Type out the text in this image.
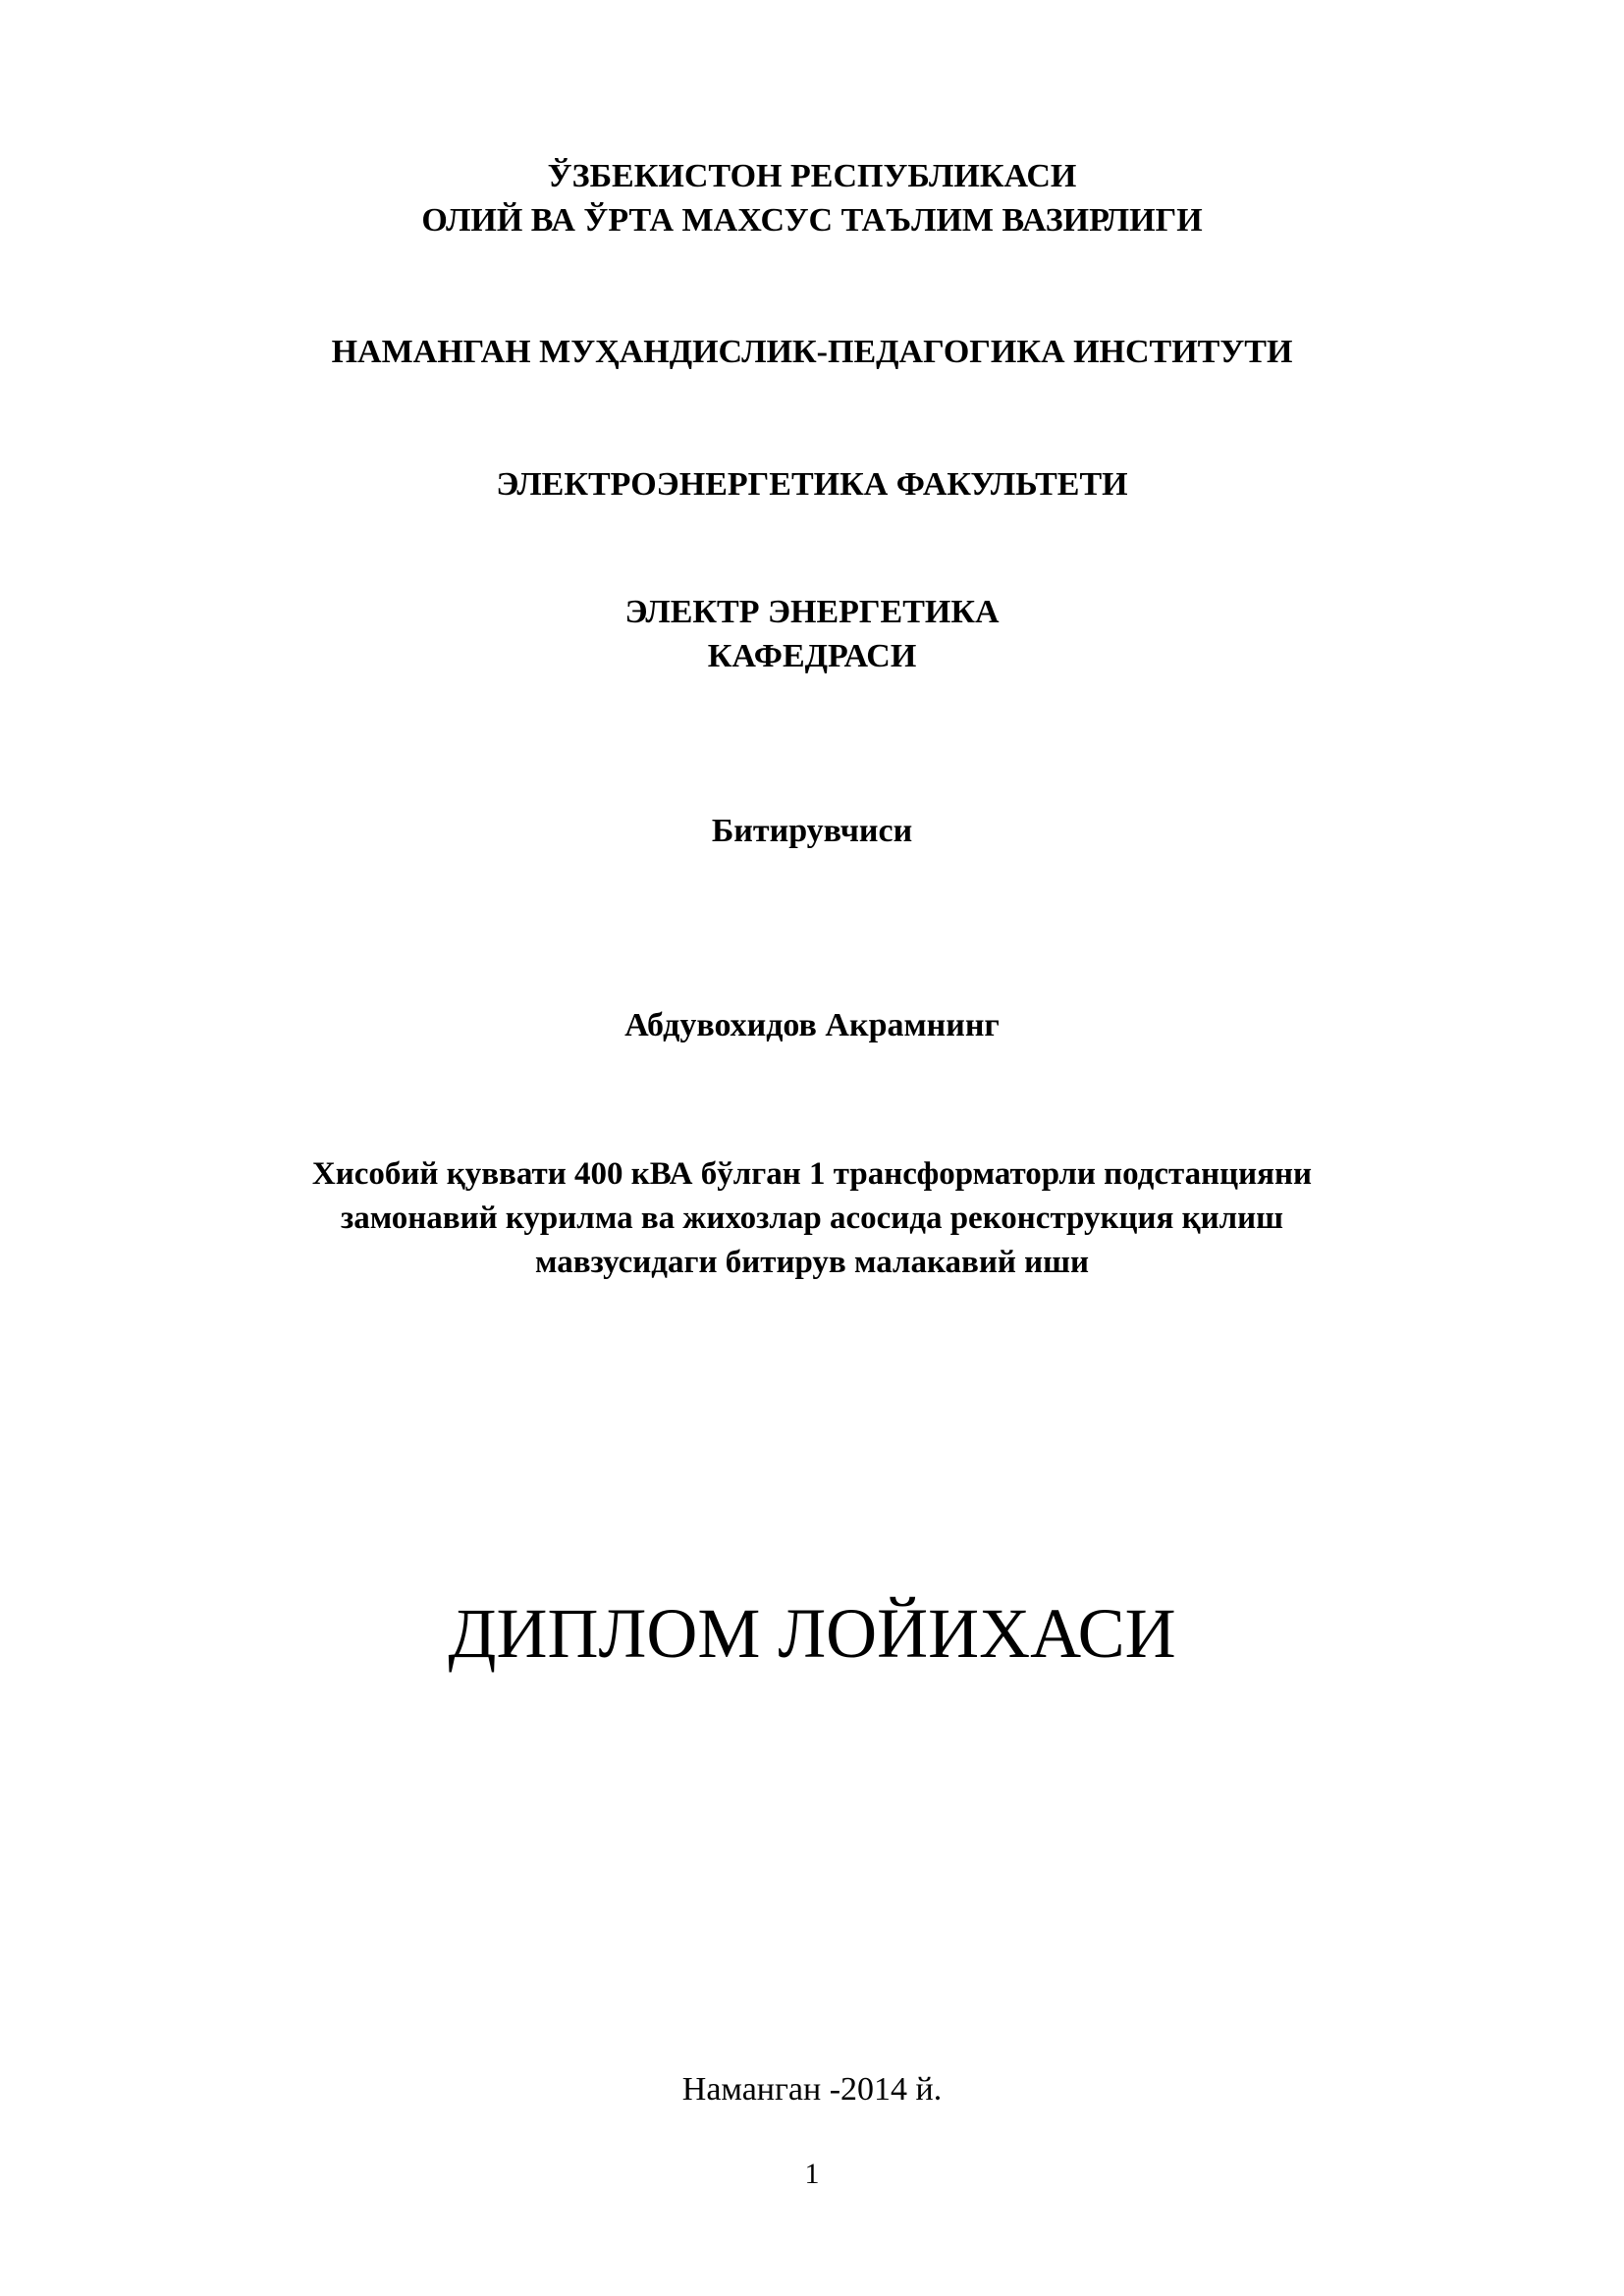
ЎЗБЕКИСТОН РЕСПУБЛИКАСИ
ОЛИЙ ВА ЎРТА МАХСУС ТАЪЛИМ ВАЗИРЛИГИ
НАМАНГАН МУҲАНДИСЛИК-ПЕДАГОГИКА ИНСТИТУТИ
ЭЛЕКТРОЭНЕРГЕТИКА ФАКУЛЬТЕТИ
ЭЛЕКТР ЭНЕРГЕТИКА
КАФЕДРАСИ
Битирувчиси
Абдувохидов Акрамнинг
Хисобий қуввати 400 кВА бўлган 1 трансформаторли подстанцияни
замонавий курилма ва жихозлар асосида реконструкция қилиш
мавзусидаги битирув малакавий иши
ДИПЛОМ ЛОЙИХАСИ
Наманган -2014 й.
1
